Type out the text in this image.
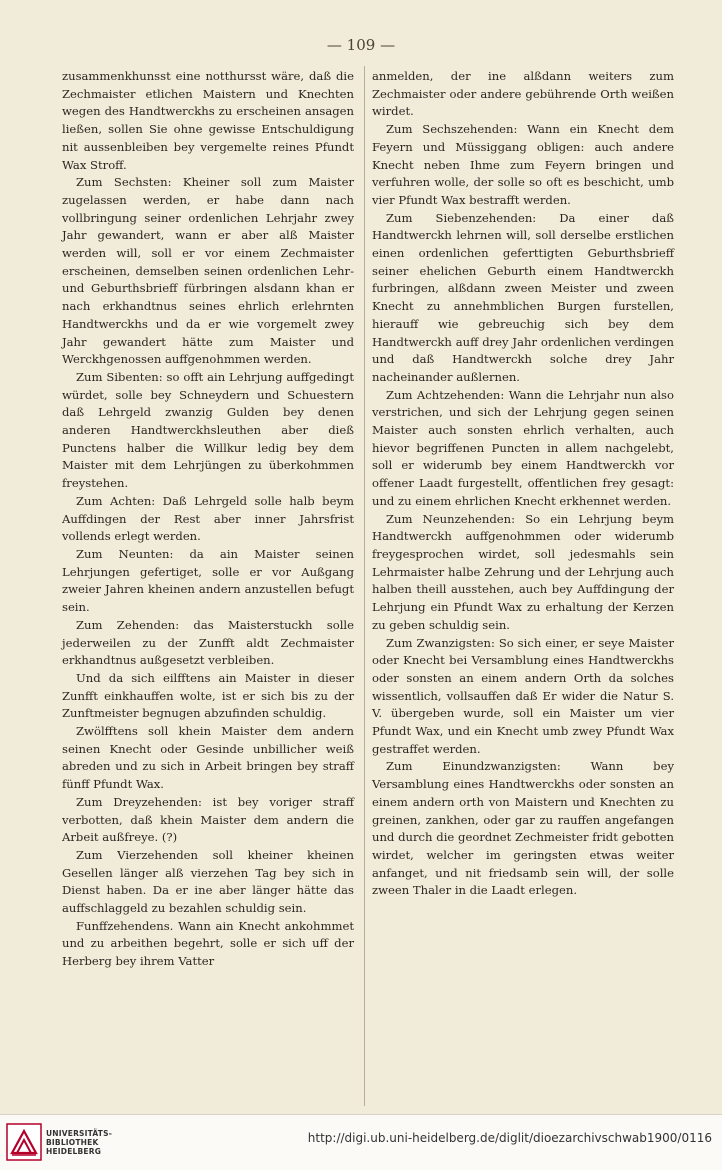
— 109 —

zusammenkhunsst eine notthursst wäre, daß die Zechmaister etlichen Maistern und Knechten wegen des Handtwerckhs zu erscheinen ansagen ließen, sollen Sie ohne gewisse Entschuldigung nit aussenbleiben bey vergemelte reines Pfundt Wax Stroff.

Zum Sechsten: Kheiner soll zum Maister zugelassen werden, er habe dann nach vollbringung seiner ordenlichen Lehrjahr zwey Jahr gewandert, wann er aber alß Maister werden will, soll er vor einem Zechmaister erscheinen, demselben seinen ordenlichen Lehr- und Geburthsbrieff fürbringen alsdann khan er nach erkhandtnus seines ehrlich erlehrnten Handtwerckhs und da er wie vorgemelt zwey Jahr gewandert hätte zum Maister und Werckhgenossen auffgenohmmen werden.

Zum Sibenten: so offt ain Lehrjung auffgedingt würdet, solle bey Schneydern und Schuestern daß Lehrgeld zwanzig Gulden bey denen anderen Handtwerckhsleuthen aber dieß Punctens halber die Willkur ledig bey dem Maister mit dem Lehrjüngen zu überkohmmen freystehen.

Zum Achten: Daß Lehrgeld solle halb beym Auffdingen der Rest aber inner Jahrsfrist vollends erlegt werden.

Zum Neunten: da ain Maister seinen Lehrjungen gefertiget, solle er vor Außgang zweier Jahren kheinen andern anzustellen befugt sein.

Zum Zehenden: das Maisterstuckh solle jederweilen zu der Zunfft aldt Zechmaister erkhandtnus außgesetzt verbleiben.

Und da sich eilfftens ain Maister in dieser Zunfft einkhauffen wolte, ist er sich bis zu der Zunftmeister begnugen abzufinden schuldig.

Zwölfftens soll khein Maister dem andern seinen Knecht oder Gesinde unbillicher weiß abreden und zu sich in Arbeit bringen bey straff fünff Pfundt Wax.

Zum Dreyzehenden: ist bey voriger straff verbotten, daß khein Maister dem andern die Arbeit außfreye. (?)

Zum Vierzehenden soll kheiner kheinen Gesellen länger alß vierzehen Tag bey sich in Dienst haben. Da er ine aber länger hätte das auffschlaggeld zu bezahlen schuldig sein.

Funffzehendens. Wann ain Knecht ankohmmet und zu arbeithen begehrt, solle er sich uff der Herberg bey ihrem Vatter

anmelden, der ine alßdann weiters zum Zechmaister oder andere gebührende Orth weißen wirdet.

Zum Sechszehenden: Wann ein Knecht dem Feyern und Müssiggang obligen: auch andere Knecht neben Ihme zum Feyern bringen und verfuhren wolle, der solle so oft es beschicht, umb vier Pfundt Wax bestrafft werden.

Zum Siebenzehenden: Da einer daß Handtwerckh lehrnen will, soll derselbe erstlichen einen ordenlichen geferttigten Geburthsbrieff seiner ehelichen Geburth einem Handtwerckh furbringen, alßdann zween Meister und zween Knecht zu annehmblichen Burgen furstellen, hierauff wie gebreuchig sich bey dem Handtwerckh auff drey Jahr ordenlichen verdingen und daß Handtwerckh solche drey Jahr nacheinander außlernen.

Zum Achtzehenden: Wann die Lehrjahr nun also verstrichen, und sich der Lehrjung gegen seinen Maister auch sonsten ehrlich verhalten, auch hievor begriffenen Puncten in allem nachgelebt, soll er widerumb bey einem Handtwerckh vor offener Laadt furgestellt, offentlichen frey gesagt: und zu einem ehrlichen Knecht erkhennet werden.

Zum Neunzehenden: So ein Lehrjung beym Handtwerckh auffgenohmmen oder widerumb freygesprochen wirdet, soll jedesmahls sein Lehrmaister halbe Zehrung und der Lehrjung auch halben theill ausstehen, auch bey Auffdingung der Lehrjung ein Pfundt Wax zu erhaltung der Kerzen zu geben schuldig sein.

Zum Zwanzigsten: So sich einer, er seye Maister oder Knecht bei Versamblung eines Handtwerckhs oder sonsten an einem andern Orth da solches wissentlich, vollsauffen daß Er wider die Natur S. V. übergeben wurde, soll ein Maister um vier Pfundt Wax, und ein Knecht umb zwey Pfundt Wax gestraffet werden.

Zum Einundzwanzigsten: Wann bey Versamblung eines Handtwerckhs oder sonsten an einem andern orth von Maistern und Knechten zu greinen, zankhen, oder gar zu rauffen angefangen und durch die geordnet Zechmeister fridt gebotten wirdet, welcher im geringsten etwas weiter anfanget, und nit friedsamb sein will, der solle zween Thaler in die Laadt erlegen.

UNIVERSITÄTS-
BIBLIOTHEK
HEIDELBERG
http://digi.ub.uni-heidelberg.de/diglit/dioezarchivschwab1900/0116
